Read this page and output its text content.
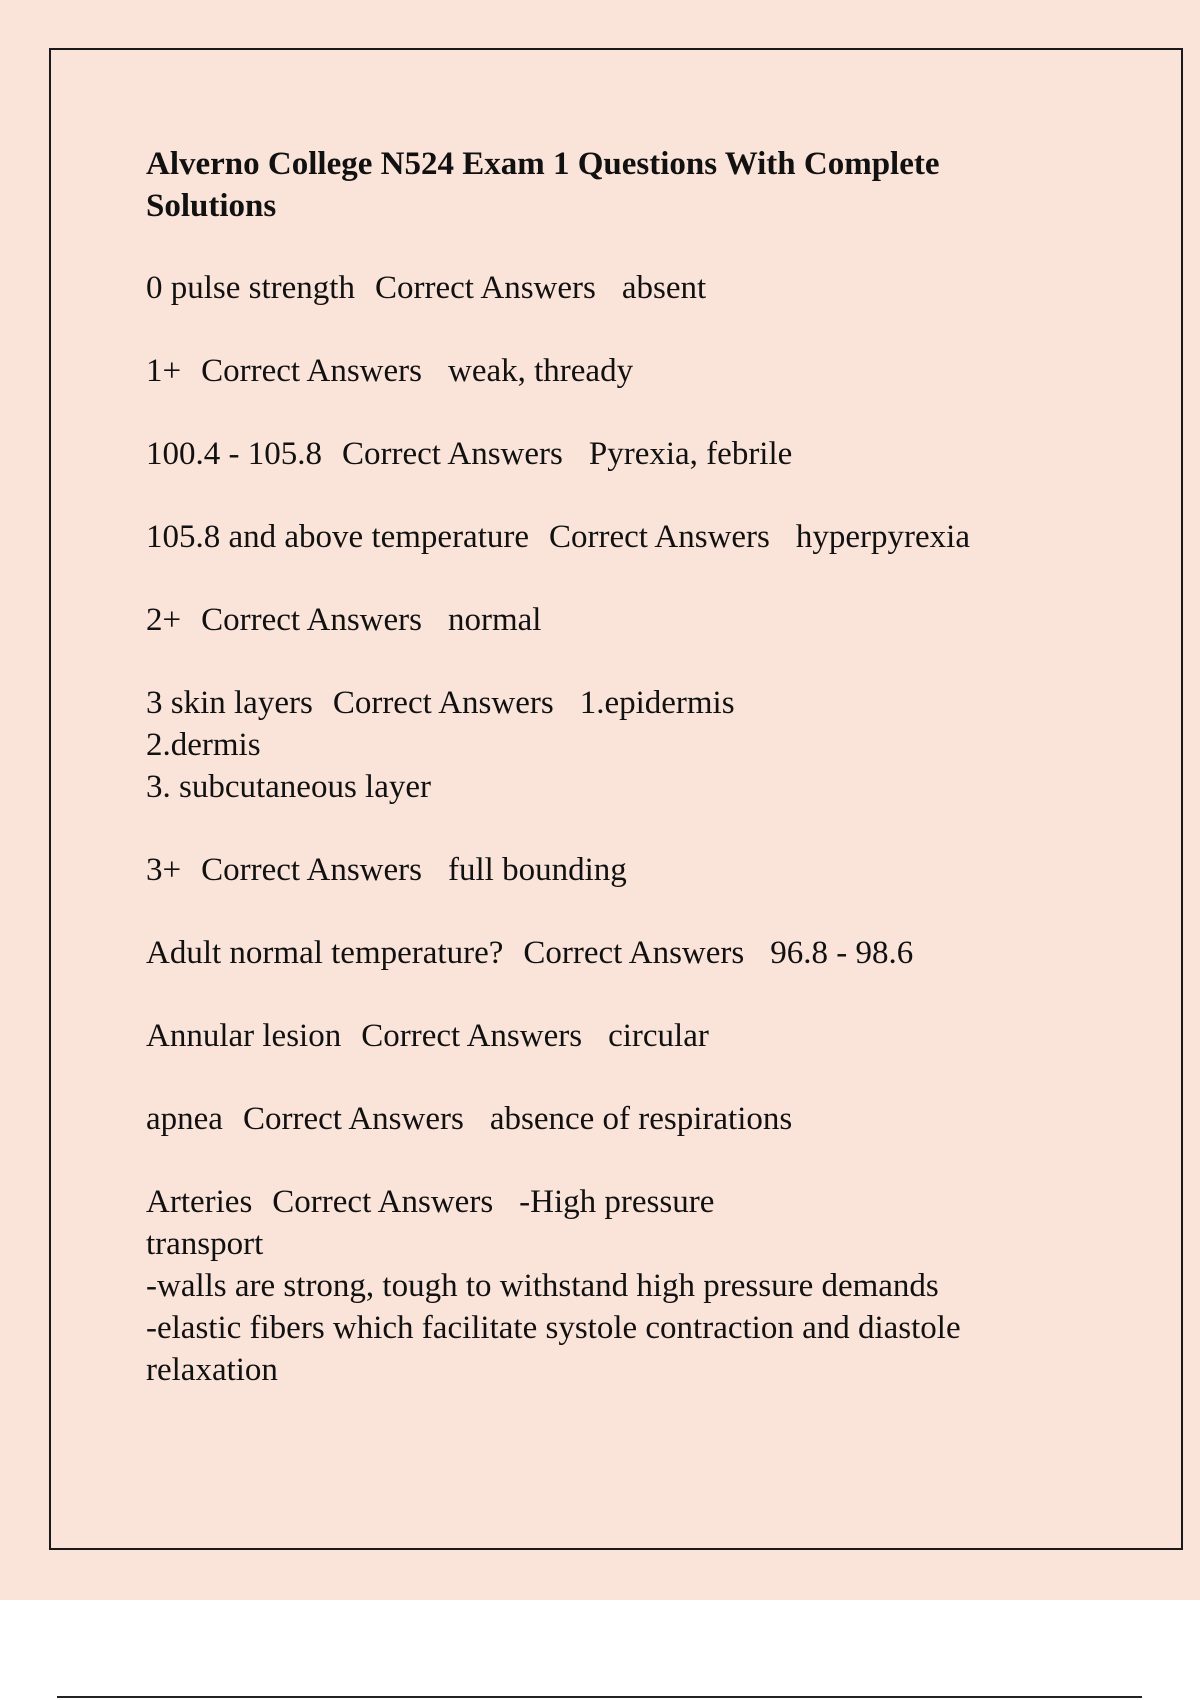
Alverno College N524 Exam 1 Questions With Complete Solutions
0 pulse strength Correct Answers absent
1+ Correct Answers weak, thready
100.4 - 105.8 Correct Answers Pyrexia, febrile
105.8 and above temperature Correct Answers hyperpyrexia
2+ Correct Answers normal
3 skin layers Correct Answers 1.epidermis
2.dermis
3. subcutaneous layer
3+ Correct Answers full bounding
Adult normal temperature? Correct Answers 96.8 - 98.6
Annular lesion Correct Answers circular
apnea Correct Answers absence of respirations
Arteries Correct Answers -High pressure
transport
-walls are strong, tough to withstand high pressure demands
-elastic fibers which facilitate systole contraction and diastole relaxation
